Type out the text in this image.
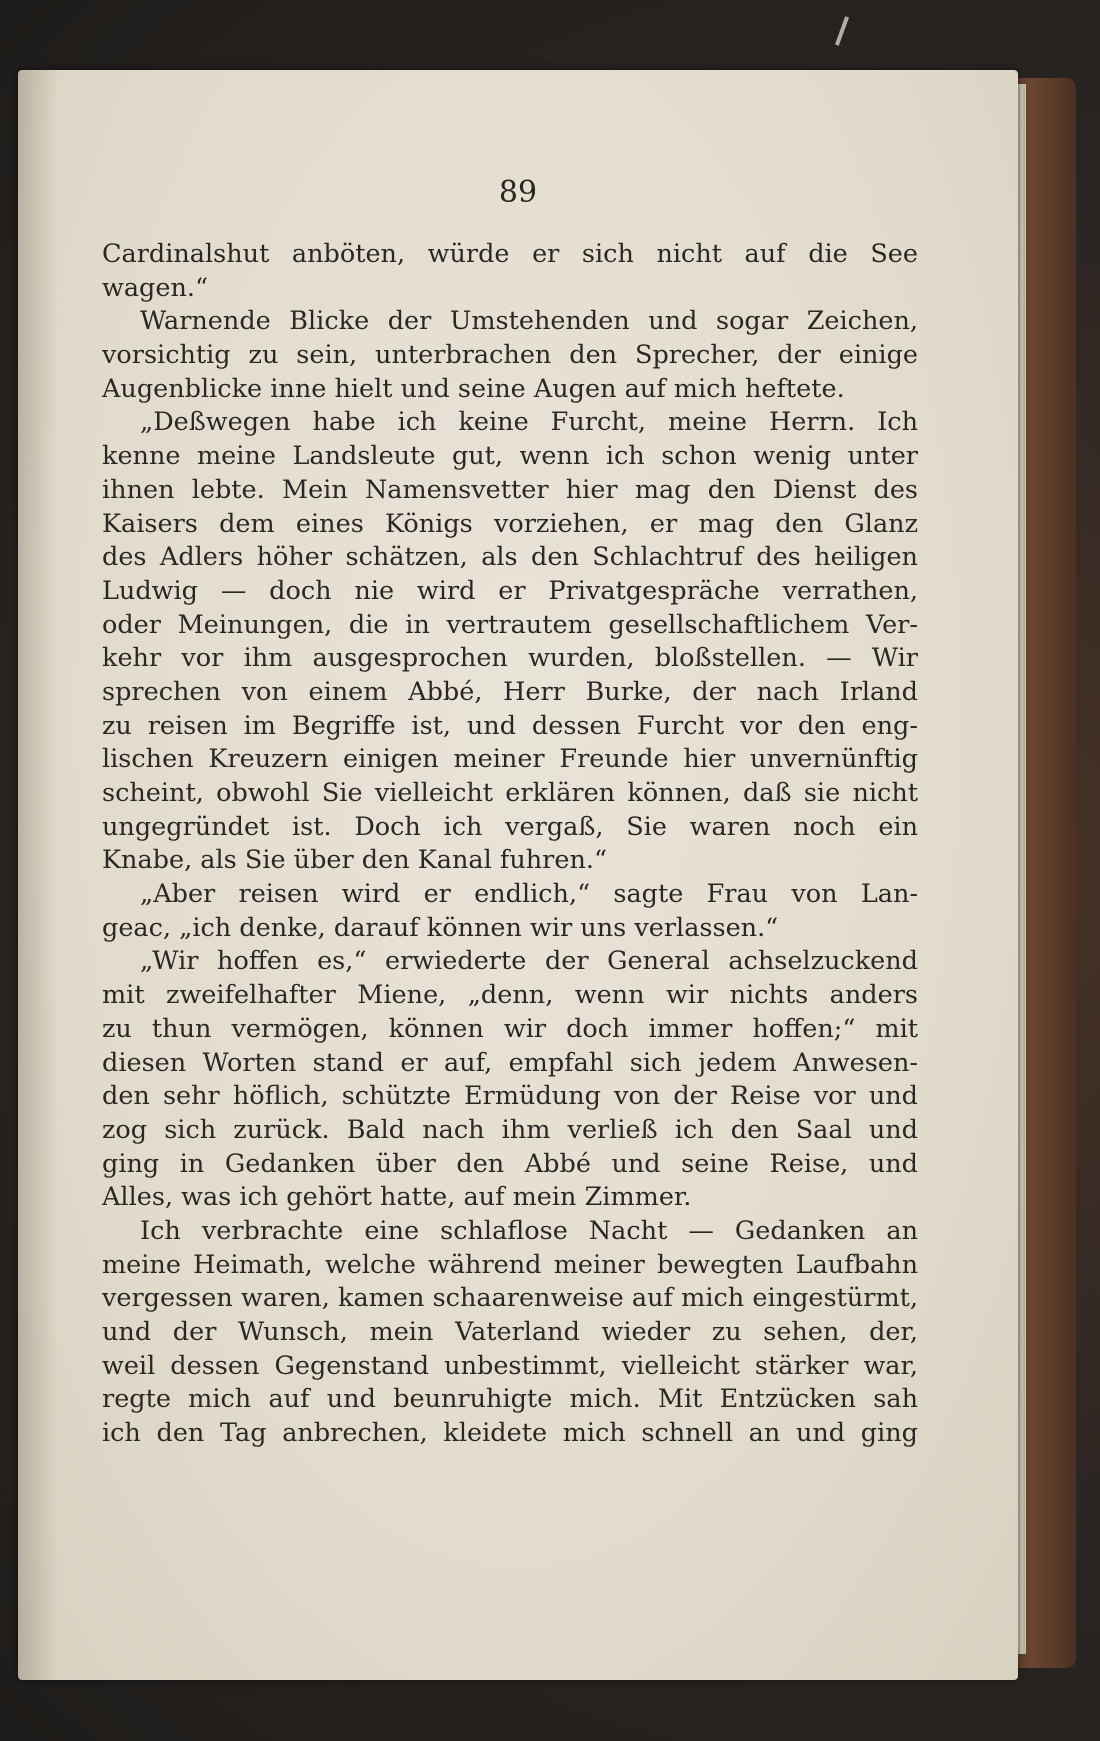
89
Cardinalshut anböten, würde er sich nicht auf die See
wagen.“
Warnende Blicke der Umstehenden und sogar Zeichen,
vorsichtig zu sein, unterbrachen den Sprecher, der einige
Augenblicke inne hielt und seine Augen auf mich heftete.
„Deßwegen habe ich keine Furcht, meine Herrn. Ich
kenne meine Landsleute gut, wenn ich schon wenig unter
ihnen lebte. Mein Namensvetter hier mag den Dienst des
Kaisers dem eines Königs vorziehen, er mag den Glanz
des Adlers höher schätzen, als den Schlachtruf des heiligen
Ludwig — doch nie wird er Privatgespräche verrathen,
oder Meinungen, die in vertrautem gesellschaftlichem Ver-
kehr vor ihm ausgesprochen wurden, bloßstellen. — Wir
sprechen von einem Abbé, Herr Burke, der nach Irland
zu reisen im Begriffe ist, und dessen Furcht vor den eng-
lischen Kreuzern einigen meiner Freunde hier unvernünftig
scheint, obwohl Sie vielleicht erklären können, daß sie nicht
ungegründet ist. Doch ich vergaß, Sie waren noch ein
Knabe, als Sie über den Kanal fuhren.“
„Aber reisen wird er endlich,“ sagte Frau von Lan-
geac, „ich denke, darauf können wir uns verlassen.“
„Wir hoffen es,“ erwiederte der General achselzuckend
mit zweifelhafter Miene, „denn, wenn wir nichts anders
zu thun vermögen, können wir doch immer hoffen;“ mit
diesen Worten stand er auf, empfahl sich jedem Anwesen-
den sehr höflich, schützte Ermüdung von der Reise vor und
zog sich zurück. Bald nach ihm verließ ich den Saal und
ging in Gedanken über den Abbé und seine Reise, und
Alles, was ich gehört hatte, auf mein Zimmer.
Ich verbrachte eine schlaflose Nacht — Gedanken an
meine Heimath, welche während meiner bewegten Laufbahn
vergessen waren, kamen schaarenweise auf mich eingestürmt,
und der Wunsch, mein Vaterland wieder zu sehen, der,
weil dessen Gegenstand unbestimmt, vielleicht stärker war,
regte mich auf und beunruhigte mich. Mit Entzücken sah
ich den Tag anbrechen, kleidete mich schnell an und ging
